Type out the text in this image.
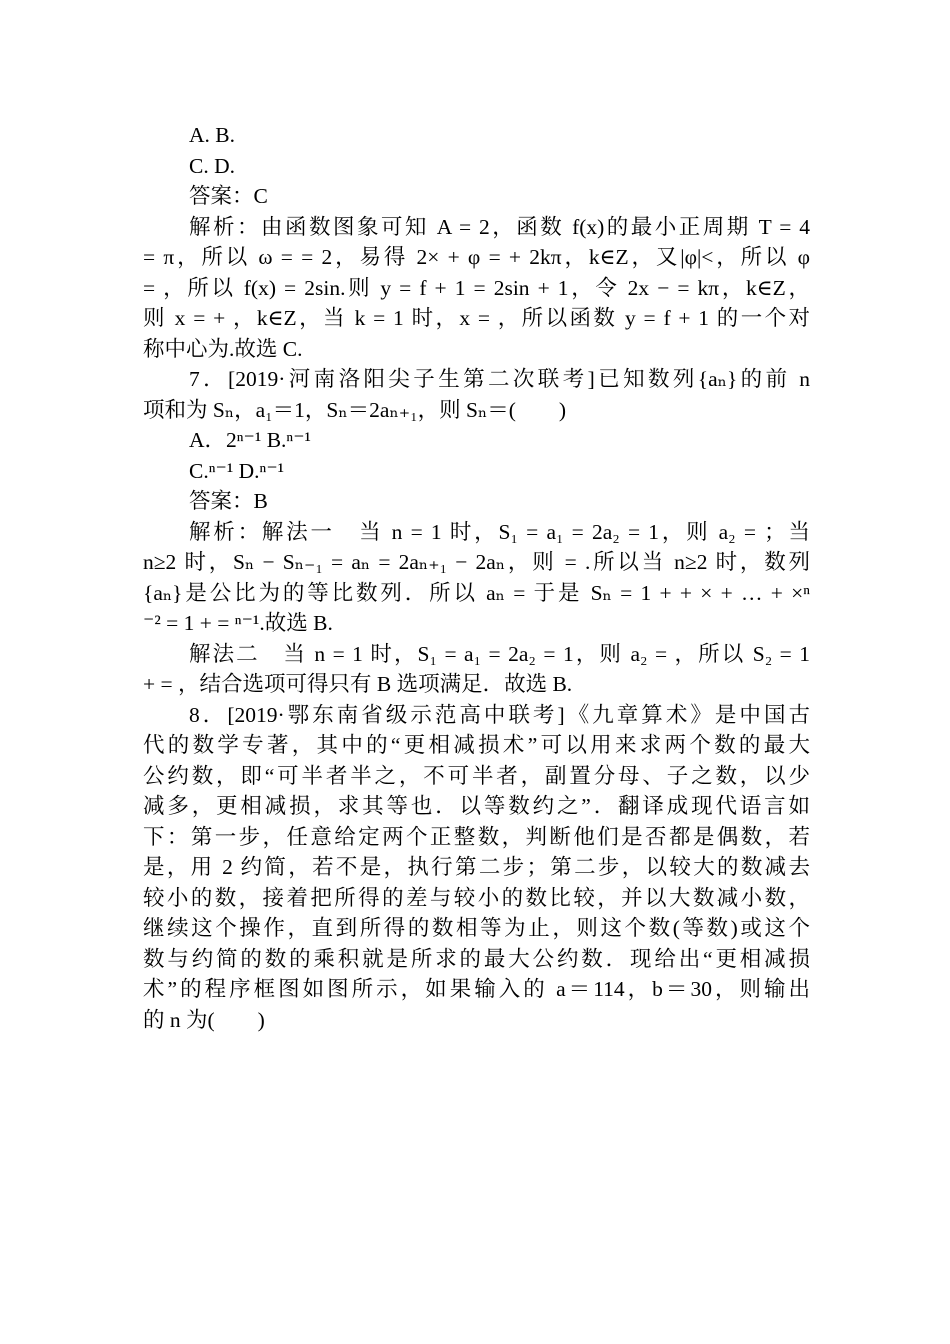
A. B.
C. D.
答案：C
解析：由函数图象可知 A = 2，函数 f(x)的最小正周期 T = 4
= π，所以 ω = = 2，易得 2× + φ = + 2kπ，k∈Z，又|φ|<，所以 φ
= ，所以 f(x) = 2sin.则 y = f + 1 = 2sin + 1，令 2x − = kπ，k∈Z，
则 x = + ，k∈Z，当 k = 1 时，x = ，所以函数 y = f + 1 的一个对
称中心为.故选 C.
7．[2019·河南洛阳尖子生第二次联考]已知数列{aₙ}的前 n
项和为 Sₙ，a₁＝1，Sₙ＝2aₙ₊₁，则 Sₙ＝(　　)
A．2ⁿ⁻¹ B.ⁿ⁻¹
C.ⁿ⁻¹ D.ⁿ⁻¹
答案：B
解析：解法一　当 n = 1 时，S₁ = a₁ = 2a₂ = 1，则 a₂ = ；当
n≥2 时，Sₙ − Sₙ₋₁ = aₙ = 2aₙ₊₁ − 2aₙ，则 = .所以当 n≥2 时，数列
{aₙ}是公比为的等比数列．所以 aₙ = 于是 Sₙ = 1 + + × + … + ×ⁿ
⁻² = 1 + = ⁿ⁻¹.故选 B.
解法二　当 n = 1 时，S₁ = a₁ = 2a₂ = 1，则 a₂ = ，所以 S₂ = 1
+ = ，结合选项可得只有 B 选项满足．故选 B.
8．[2019·鄂东南省级示范高中联考]《九章算术》是中国古
代的数学专著，其中的“更相减损术”可以用来求两个数的最大
公约数，即“可半者半之，不可半者，副置分母、子之数，以少
减多，更相减损，求其等也．以等数约之”．翻译成现代语言如
下：第一步，任意给定两个正整数，判断他们是否都是偶数，若
是，用 2 约简，若不是，执行第二步；第二步，以较大的数减去
较小的数，接着把所得的差与较小的数比较，并以大数减小数，
继续这个操作，直到所得的数相等为止，则这个数(等数)或这个
数与约简的数的乘积就是所求的最大公约数．现给出“更相减损
术”的程序框图如图所示，如果输入的 a＝114，b＝30，则输出
的 n 为(　　)
